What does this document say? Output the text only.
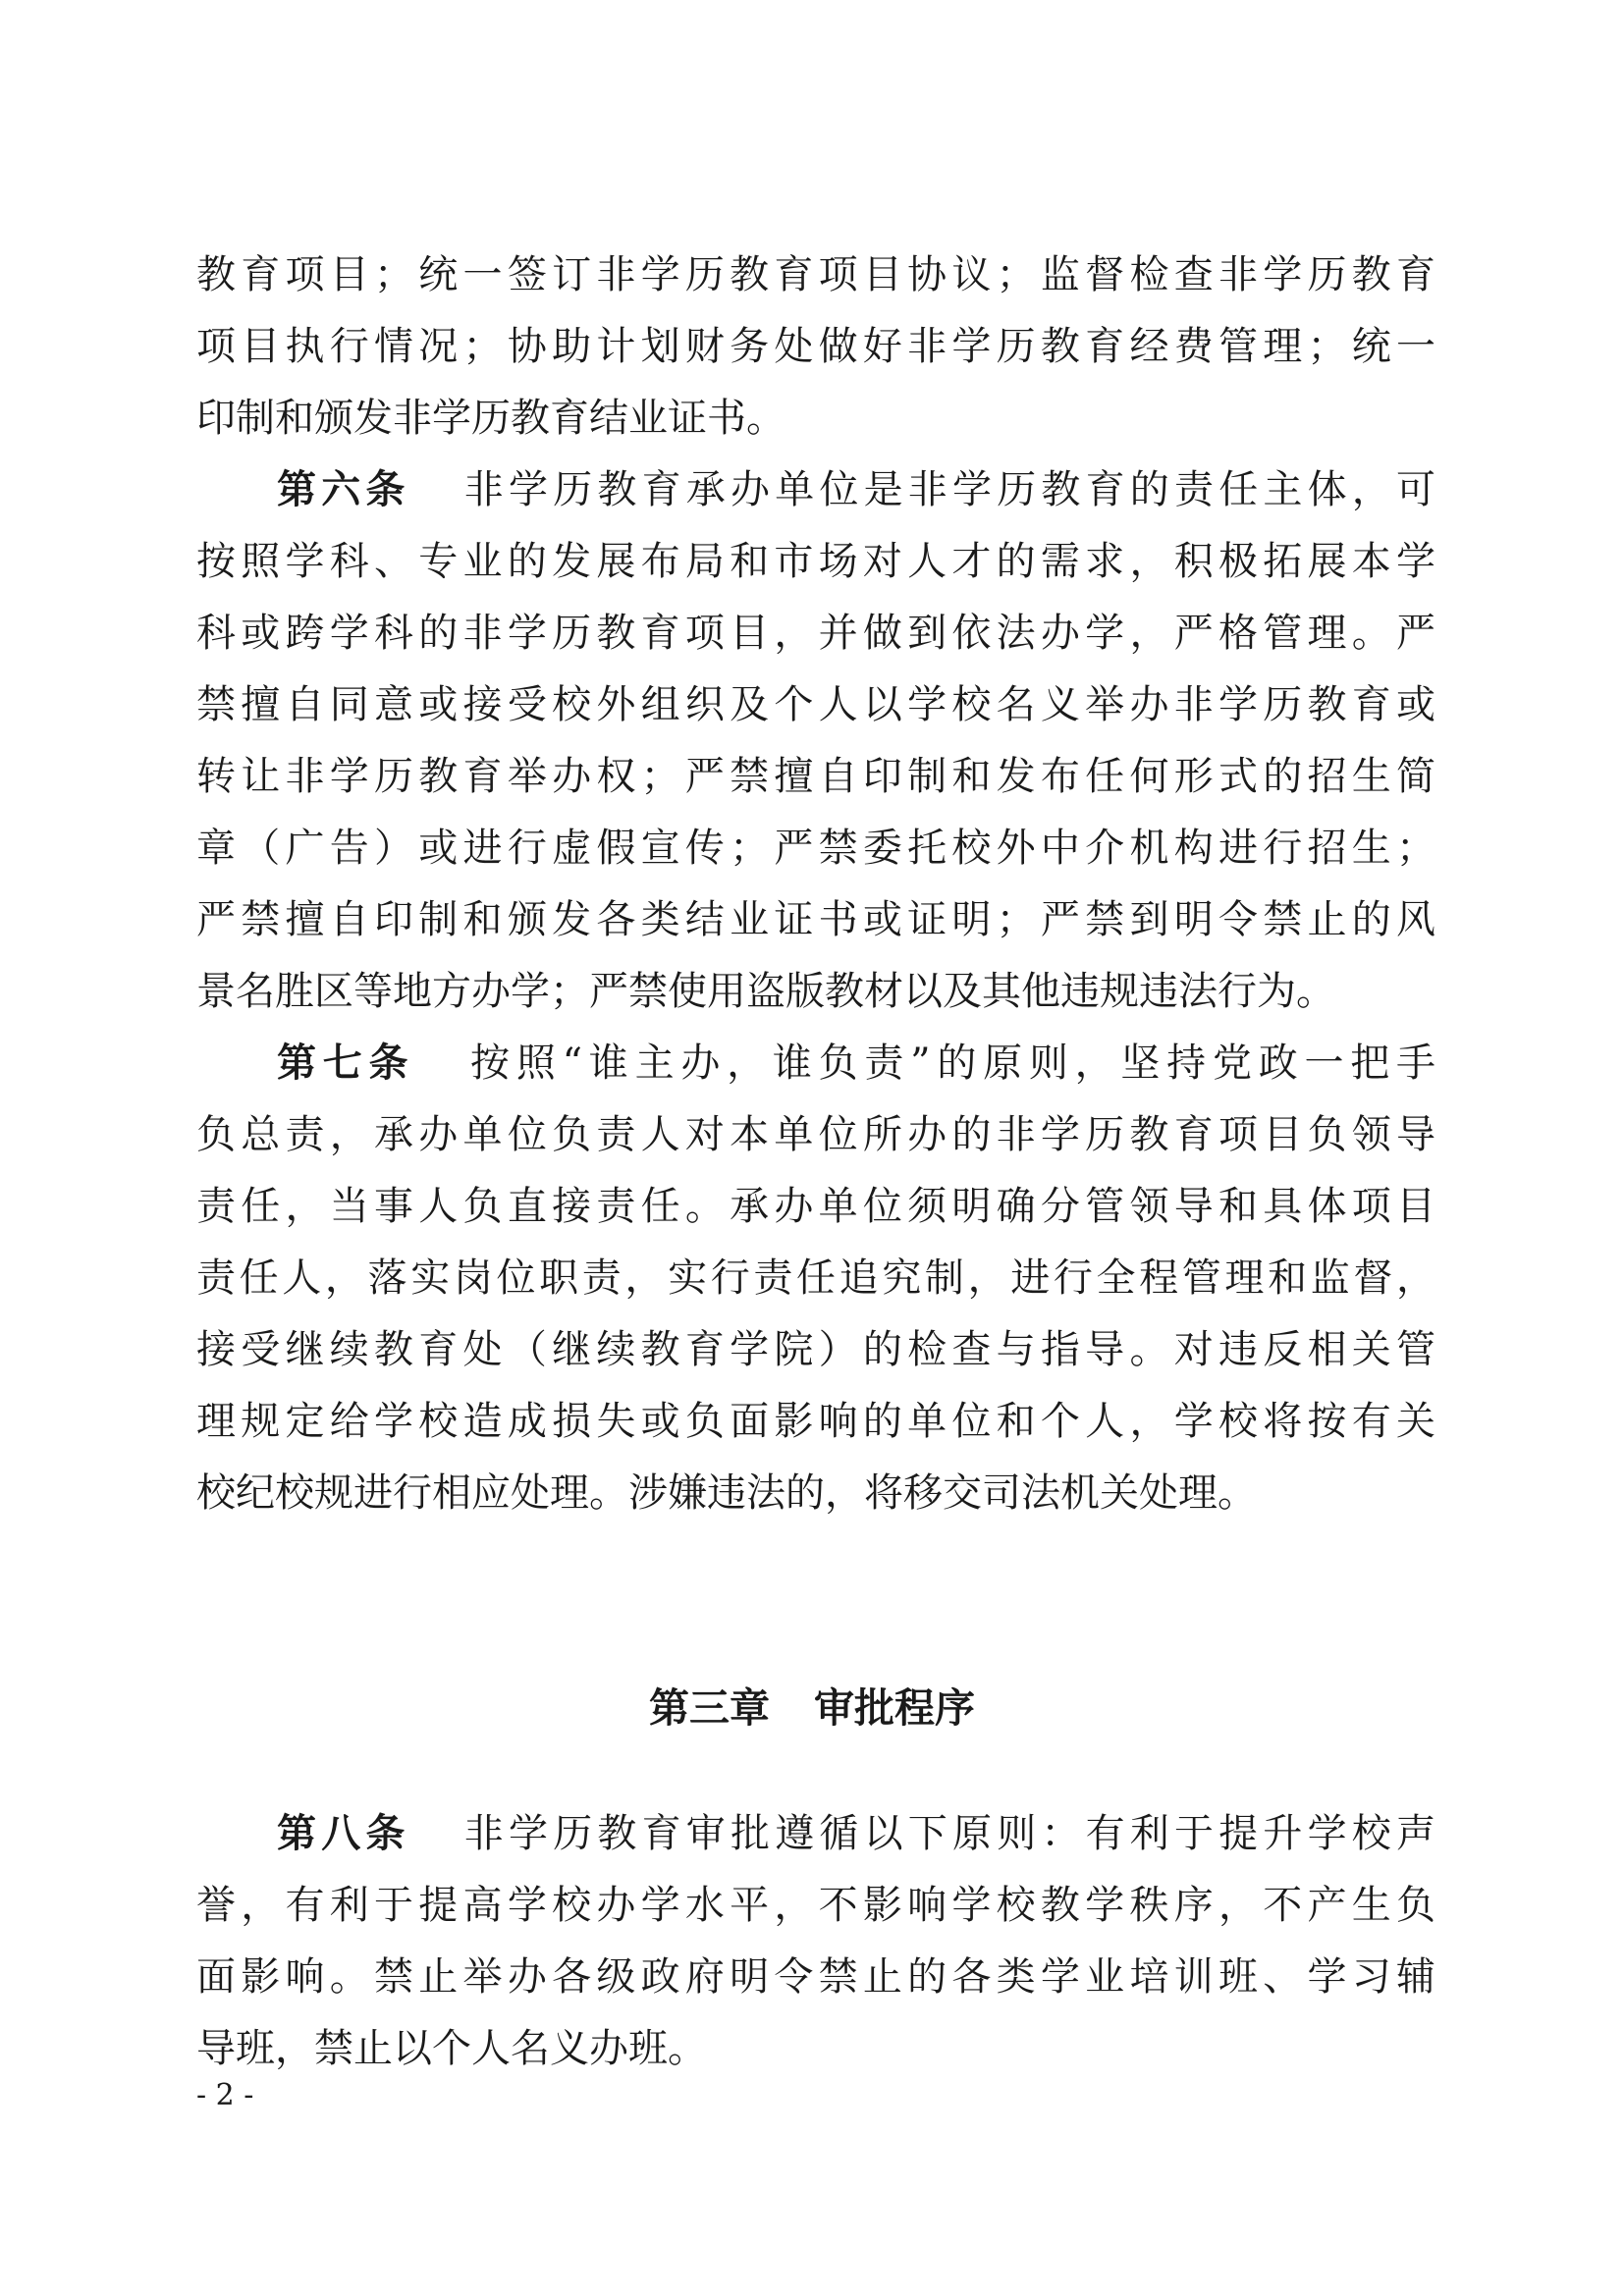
教育项目；统一签订非学历教育项目协议；监督检查非学历教育
项目执行情况；协助计划财务处做好非学历教育经费管理；统一
印制和颁发非学历教育结业证书。
第六条 非学历教育承办单位是非学历教育的责任主体，可
按照学科、专业的发展布局和市场对人才的需求，积极拓展本学
科或跨学科的非学历教育项目，并做到依法办学，严格管理。严
禁擅自同意或接受校外组织及个人以学校名义举办非学历教育或
转让非学历教育举办权；严禁擅自印制和发布任何形式的招生简
章（广告）或进行虚假宣传；严禁委托校外中介机构进行招生；
严禁擅自印制和颁发各类结业证书或证明；严禁到明令禁止的风
景名胜区等地方办学；严禁使用盗版教材以及其他违规违法行为。
第七条 按照“谁主办，谁负责”的原则，坚持党政一把手
负总责，承办单位负责人对本单位所办的非学历教育项目负领导
责任，当事人负直接责任。承办单位须明确分管领导和具体项目
责任人，落实岗位职责，实行责任追究制，进行全程管理和监督，
接受继续教育处（继续教育学院）的检查与指导。对违反相关管
理规定给学校造成损失或负面影响的单位和个人，学校将按有关
校纪校规进行相应处理。涉嫌违法的，将移交司法机关处理。
第三章 审批程序
第八条 非学历教育审批遵循以下原则：有利于提升学校声
誉，有利于提高学校办学水平，不影响学校教学秩序，不产生负
面影响。禁止举办各级政府明令禁止的各类学业培训班、学习辅
导班，禁止以个人名义办班。
- 2 -
